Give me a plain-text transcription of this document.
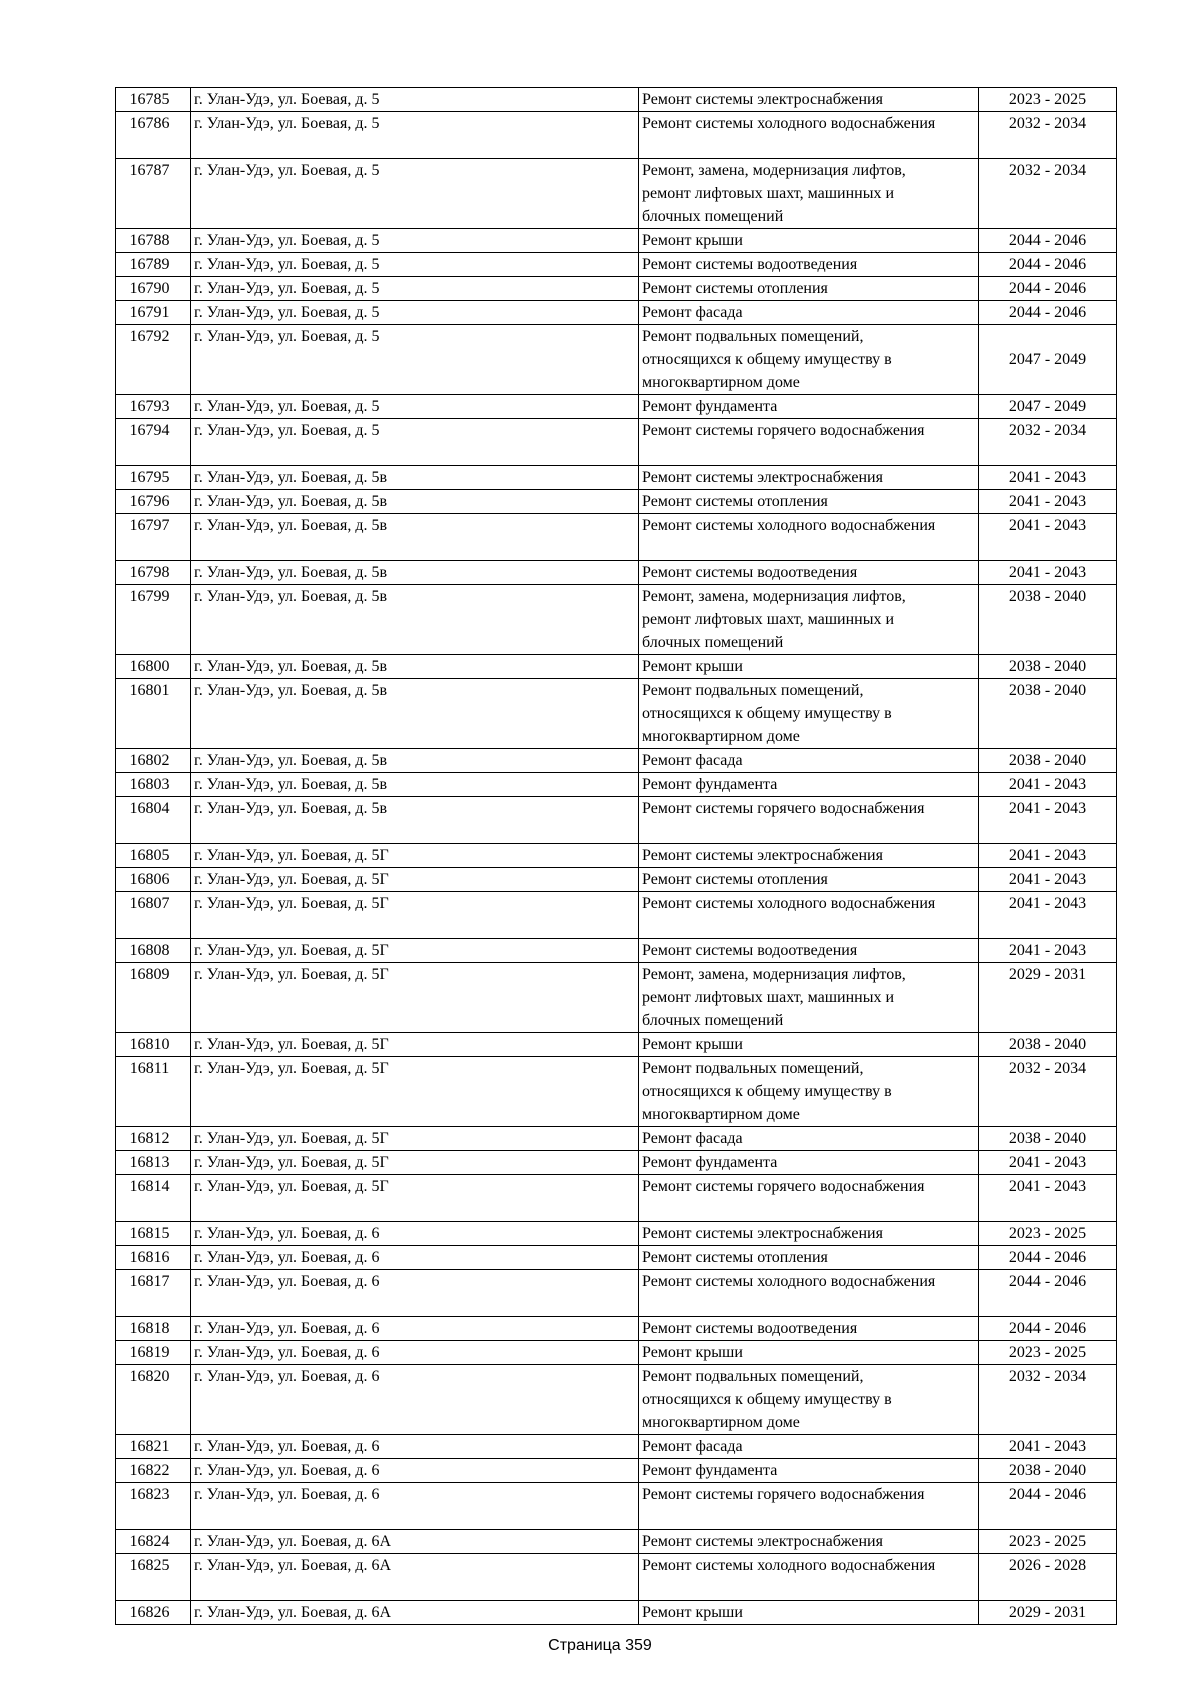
16785	г. Улан-Удэ, ул. Боевая, д. 5	Ремонт системы электроснабжения	2023 - 2025
16786	г. Улан-Удэ, ул. Боевая, д. 5	Ремонт системы холодного водоснабжения	2032 - 2034
16787	г. Улан-Удэ, ул. Боевая, д. 5	Ремонт, замена, модернизация лифтов,
ремонт лифтовых шахт, машинных и
блочных помещений	2032 - 2034
16788	г. Улан-Удэ, ул. Боевая, д. 5	Ремонт крыши	2044 - 2046
16789	г. Улан-Удэ, ул. Боевая, д. 5	Ремонт системы водоотведения	2044 - 2046
16790	г. Улан-Удэ, ул. Боевая, д. 5	Ремонт системы отопления	2044 - 2046
16791	г. Улан-Удэ, ул. Боевая, д. 5	Ремонт фасада	2044 - 2046
16792	г. Улан-Удэ, ул. Боевая, д. 5	Ремонт подвальных помещений,
относящихся к общему имуществу в
многоквартирном доме	2047 - 2049
16793	г. Улан-Удэ, ул. Боевая, д. 5	Ремонт фундамента	2047 - 2049
16794	г. Улан-Удэ, ул. Боевая, д. 5	Ремонт системы горячего водоснабжения	2032 - 2034
16795	г. Улан-Удэ, ул. Боевая, д. 5в	Ремонт системы электроснабжения	2041 - 2043
16796	г. Улан-Удэ, ул. Боевая, д. 5в	Ремонт системы отопления	2041 - 2043
16797	г. Улан-Удэ, ул. Боевая, д. 5в	Ремонт системы холодного водоснабжения	2041 - 2043
16798	г. Улан-Удэ, ул. Боевая, д. 5в	Ремонт системы водоотведения	2041 - 2043
16799	г. Улан-Удэ, ул. Боевая, д. 5в	Ремонт, замена, модернизация лифтов,
ремонт лифтовых шахт, машинных и
блочных помещений	2038 - 2040
16800	г. Улан-Удэ, ул. Боевая, д. 5в	Ремонт крыши	2038 - 2040
16801	г. Улан-Удэ, ул. Боевая, д. 5в	Ремонт подвальных помещений,
относящихся к общему имуществу в
многоквартирном доме	2038 - 2040
16802	г. Улан-Удэ, ул. Боевая, д. 5в	Ремонт фасада	2038 - 2040
16803	г. Улан-Удэ, ул. Боевая, д. 5в	Ремонт фундамента	2041 - 2043
16804	г. Улан-Удэ, ул. Боевая, д. 5в	Ремонт системы горячего водоснабжения	2041 - 2043
16805	г. Улан-Удэ, ул. Боевая, д. 5Г	Ремонт системы электроснабжения	2041 - 2043
16806	г. Улан-Удэ, ул. Боевая, д. 5Г	Ремонт системы отопления	2041 - 2043
16807	г. Улан-Удэ, ул. Боевая, д. 5Г	Ремонт системы холодного водоснабжения	2041 - 2043
16808	г. Улан-Удэ, ул. Боевая, д. 5Г	Ремонт системы водоотведения	2041 - 2043
16809	г. Улан-Удэ, ул. Боевая, д. 5Г	Ремонт, замена, модернизация лифтов,
ремонт лифтовых шахт, машинных и
блочных помещений	2029 - 2031
16810	г. Улан-Удэ, ул. Боевая, д. 5Г	Ремонт крыши	2038 - 2040
16811	г. Улан-Удэ, ул. Боевая, д. 5Г	Ремонт подвальных помещений,
относящихся к общему имуществу в
многоквартирном доме	2032 - 2034
16812	г. Улан-Удэ, ул. Боевая, д. 5Г	Ремонт фасада	2038 - 2040
16813	г. Улан-Удэ, ул. Боевая, д. 5Г	Ремонт фундамента	2041 - 2043
16814	г. Улан-Удэ, ул. Боевая, д. 5Г	Ремонт системы горячего водоснабжения	2041 - 2043
16815	г. Улан-Удэ, ул. Боевая, д. 6	Ремонт системы электроснабжения	2023 - 2025
16816	г. Улан-Удэ, ул. Боевая, д. 6	Ремонт системы отопления	2044 - 2046
16817	г. Улан-Удэ, ул. Боевая, д. 6	Ремонт системы холодного водоснабжения	2044 - 2046
16818	г. Улан-Удэ, ул. Боевая, д. 6	Ремонт системы водоотведения	2044 - 2046
16819	г. Улан-Удэ, ул. Боевая, д. 6	Ремонт крыши	2023 - 2025
16820	г. Улан-Удэ, ул. Боевая, д. 6	Ремонт подвальных помещений,
относящихся к общему имуществу в
многоквартирном доме	2032 - 2034
16821	г. Улан-Удэ, ул. Боевая, д. 6	Ремонт фасада	2041 - 2043
16822	г. Улан-Удэ, ул. Боевая, д. 6	Ремонт фундамента	2038 - 2040
16823	г. Улан-Удэ, ул. Боевая, д. 6	Ремонт системы горячего водоснабжения	2044 - 2046
16824	г. Улан-Удэ, ул. Боевая, д. 6А	Ремонт системы электроснабжения	2023 - 2025
16825	г. Улан-Удэ, ул. Боевая, д. 6А	Ремонт системы холодного водоснабжения	2026 - 2028
16826	г. Улан-Удэ, ул. Боевая, д. 6А	Ремонт крыши	2029 - 2031
Страница 359
